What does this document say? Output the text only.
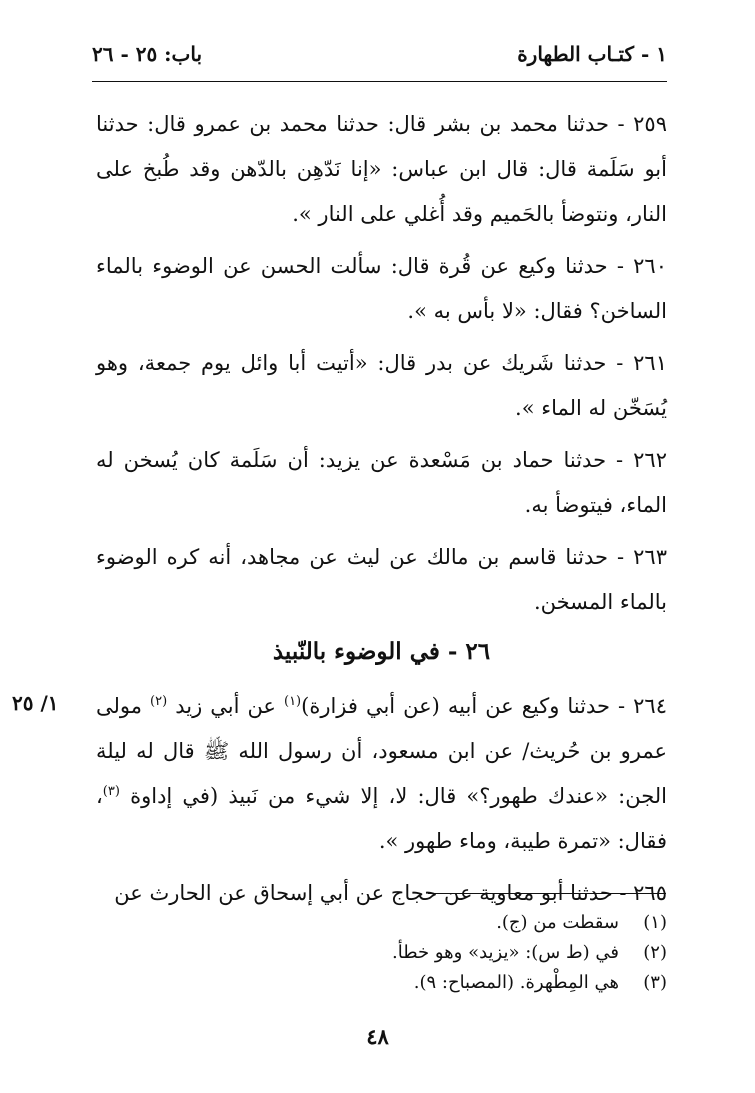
١ - كتـاب الطهارة
باب: ٢٥ - ٢٦

٢٥٩ - حدثنا محمد بن بشر قال: حدثنا محمد بن عمرو قال: حدثنا أبو سَلَمة قال: قال ابن عباس: «إنا نَدّهِن بالدّهن وقد طُبخ على النار، ونتوضأ بالحَميم وقد أُغلي على النار ».

٢٦٠ - حدثنا وكيع عن قُرة قال: سألت الحسن عن الوضوء بالماء الساخن؟ فقال: «لا بأس به ».

٢٦١ - حدثنا شَريك عن بدر قال: «أتيت أبا وائل يوم جمعة، وهو يُسَخّن له الماء ».

٢٦٢ - حدثنا حماد بن مَسْعدة عن يزيد: أن سَلَمة كان يُسخن له الماء، فيتوضأ به.

٢٦٣ - حدثنا قاسم بن مالك عن ليث عن مجاهد، أنه كره الوضوء بالماء المسخن.

٢٦ - في الوضوء بالنّبيذ

٢٦٤ - حدثنا وكيع عن أبيه (عن أبي فزارة)$^{(١)}$ عن أبي زيد $^{(٢)}$ مولى عمرو بن حُريث/ عن ابن مسعود، أن رسول الله ﷺ قال له ليلة الجن: «عندك طهور؟» قال: لا، إلا شيء من نَبيذ (في إداوة $^{(٣)}$، فقال: «تمرة طيبة، وماء طهور ».

٢٦٥ - حدثنا أبو معاوية عن حجاج عن أبي إسحاق عن الحارث عن

١/ ٢٥

(١)سقطت من (ج).

(٢)في (ط س): «يزيد» وهو خطأ.

(٣)هي المِطْهرة. (المصباح: ٩).

٤٨
